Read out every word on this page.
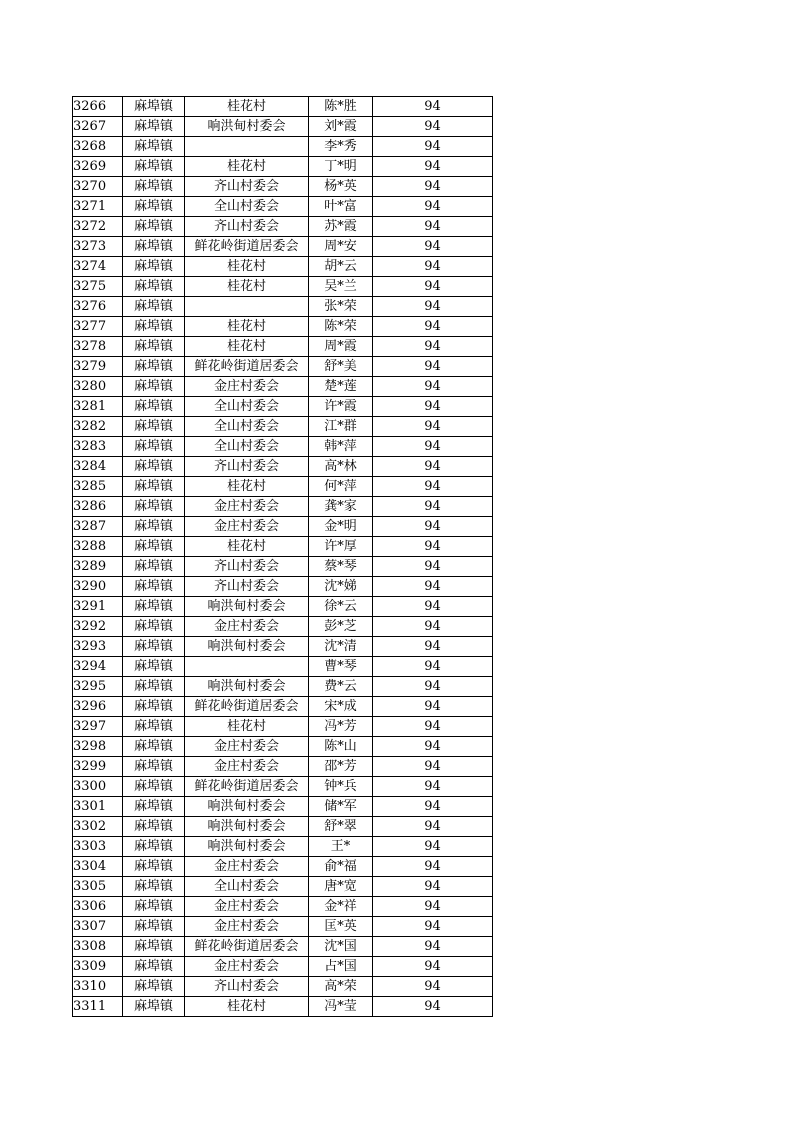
3266	麻埠镇	桂花村	陈*胜	94
3267	麻埠镇	响洪甸村委会	刘*霞	94
3268	麻埠镇		李*秀	94
3269	麻埠镇	桂花村	丁*明	94
3270	麻埠镇	齐山村委会	杨*英	94
3271	麻埠镇	全山村委会	叶*富	94
3272	麻埠镇	齐山村委会	苏*霞	94
3273	麻埠镇	鲜花岭街道居委会	周*安	94
3274	麻埠镇	桂花村	胡*云	94
3275	麻埠镇	桂花村	吴*兰	94
3276	麻埠镇		张*荣	94
3277	麻埠镇	桂花村	陈*荣	94
3278	麻埠镇	桂花村	周*霞	94
3279	麻埠镇	鲜花岭街道居委会	舒*美	94
3280	麻埠镇	金庄村委会	楚*莲	94
3281	麻埠镇	全山村委会	许*霞	94
3282	麻埠镇	全山村委会	江*群	94
3283	麻埠镇	全山村委会	韩*萍	94
3284	麻埠镇	齐山村委会	高*林	94
3285	麻埠镇	桂花村	何*萍	94
3286	麻埠镇	金庄村委会	龚*家	94
3287	麻埠镇	金庄村委会	金*明	94
3288	麻埠镇	桂花村	许*厚	94
3289	麻埠镇	齐山村委会	蔡*琴	94
3290	麻埠镇	齐山村委会	沈*娣	94
3291	麻埠镇	响洪甸村委会	徐*云	94
3292	麻埠镇	金庄村委会	彭*芝	94
3293	麻埠镇	响洪甸村委会	沈*清	94
3294	麻埠镇		曹*琴	94
3295	麻埠镇	响洪甸村委会	费*云	94
3296	麻埠镇	鲜花岭街道居委会	宋*成	94
3297	麻埠镇	桂花村	冯*芳	94
3298	麻埠镇	金庄村委会	陈*山	94
3299	麻埠镇	金庄村委会	邵*芳	94
3300	麻埠镇	鲜花岭街道居委会	钟*兵	94
3301	麻埠镇	响洪甸村委会	储*军	94
3302	麻埠镇	响洪甸村委会	舒*翠	94
3303	麻埠镇	响洪甸村委会	王*	94
3304	麻埠镇	金庄村委会	俞*福	94
3305	麻埠镇	全山村委会	唐*宽	94
3306	麻埠镇	金庄村委会	金*祥	94
3307	麻埠镇	金庄村委会	匡*英	94
3308	麻埠镇	鲜花岭街道居委会	沈*国	94
3309	麻埠镇	金庄村委会	占*国	94
3310	麻埠镇	齐山村委会	高*荣	94
3311	麻埠镇	桂花村	冯*莹	94
